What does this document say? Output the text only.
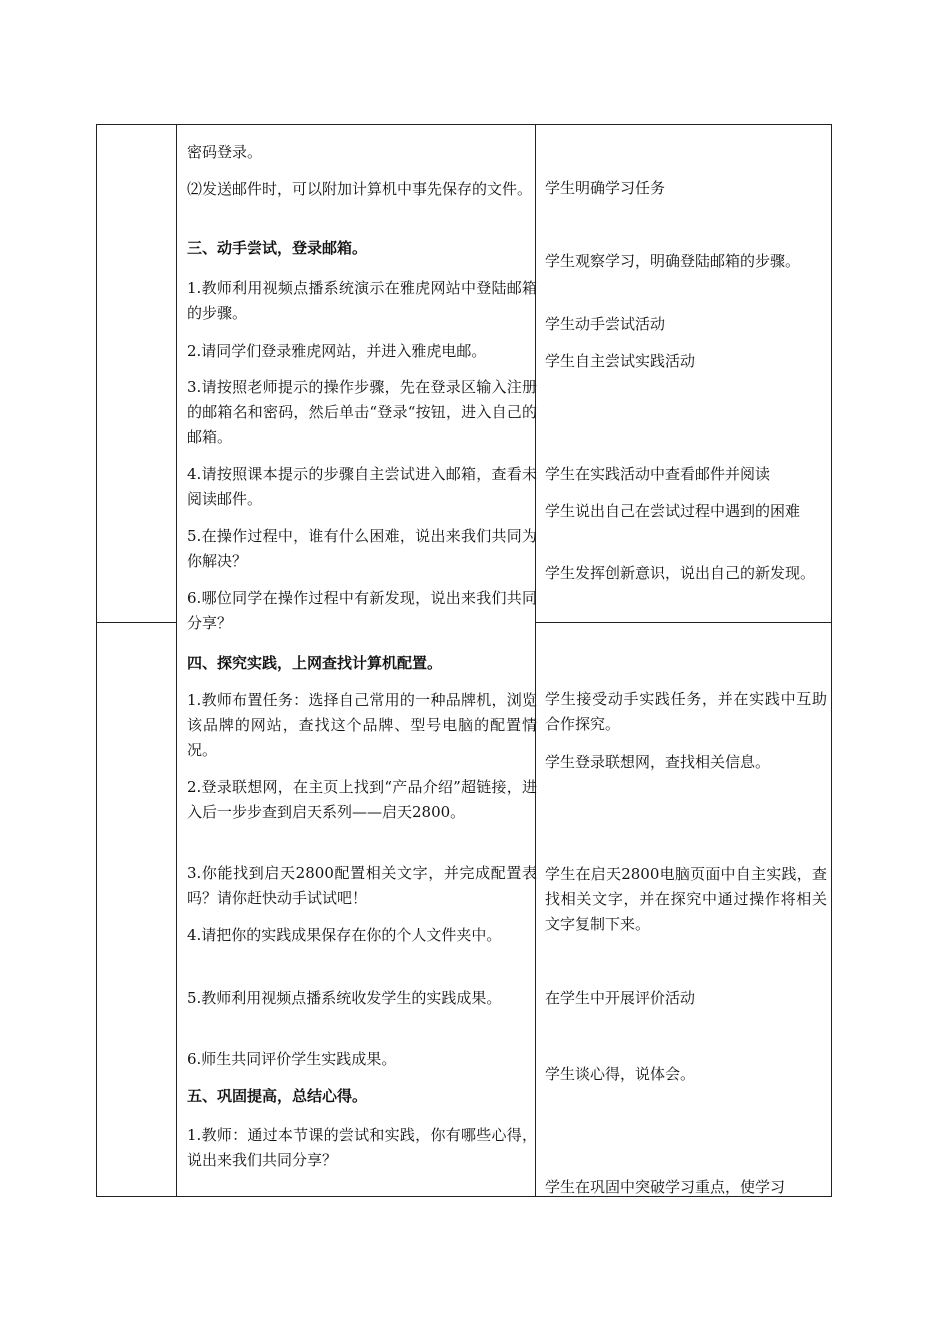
密码登录。

⑵发送邮件时，可以附加计算机中事先保存的文件。

三、动手尝试，登录邮箱。

1.教师利用视频点播系统演示在雅虎网站中登陆邮箱的步骤。

2.请同学们登录雅虎网站，并进入雅虎电邮。

3.请按照老师提示的操作步骤，先在登录区输入注册的邮箱名和密码，然后单击“登录“按钮，进入自己的邮箱。

4.请按照课本提示的步骤自主尝试进入邮箱，查看未阅读邮件。

5.在操作过程中，谁有什么困难，说出来我们共同为你解决？

6.哪位同学在操作过程中有新发现，说出来我们共同分享？

四、探究实践，上网查找计算机配置。

1.教师布置任务：选择自己常用的一种品牌机，浏览该品牌的网站，查找这个品牌、型号电脑的配置情况。

2.登录联想网，在主页上找到“产品介绍”超链接，进入后一步步查到启天系列——启天2800。

3.你能找到启天2800配置相关文字，并完成配置表吗？请你赶快动手试试吧！

4.请把你的实践成果保存在你的个人文件夹中。

5.教师利用视频点播系统收发学生的实践成果。

6.师生共同评价学生实践成果。

五、巩固提高，总结心得。

1.教师：通过本节课的尝试和实践，你有哪些心得，说出来我们共同分享？

学生明确学习任务

学生观察学习，明确登陆邮箱的步骤。

学生动手尝试活动

学生自主尝试实践活动

学生在实践活动中查看邮件并阅读

学生说出自己在尝试过程中遇到的困难

学生发挥创新意识，说出自己的新发现。

学生接受动手实践任务，并在实践中互助合作探究。

学生登录联想网，查找相关信息。

学生在启天2800电脑页面中自主实践，查找相关文字，并在探究中通过操作将相关文字复制下来。

在学生中开展评价活动

学生谈心得，说体会。

学生在巩固中突破学习重点，使学习
